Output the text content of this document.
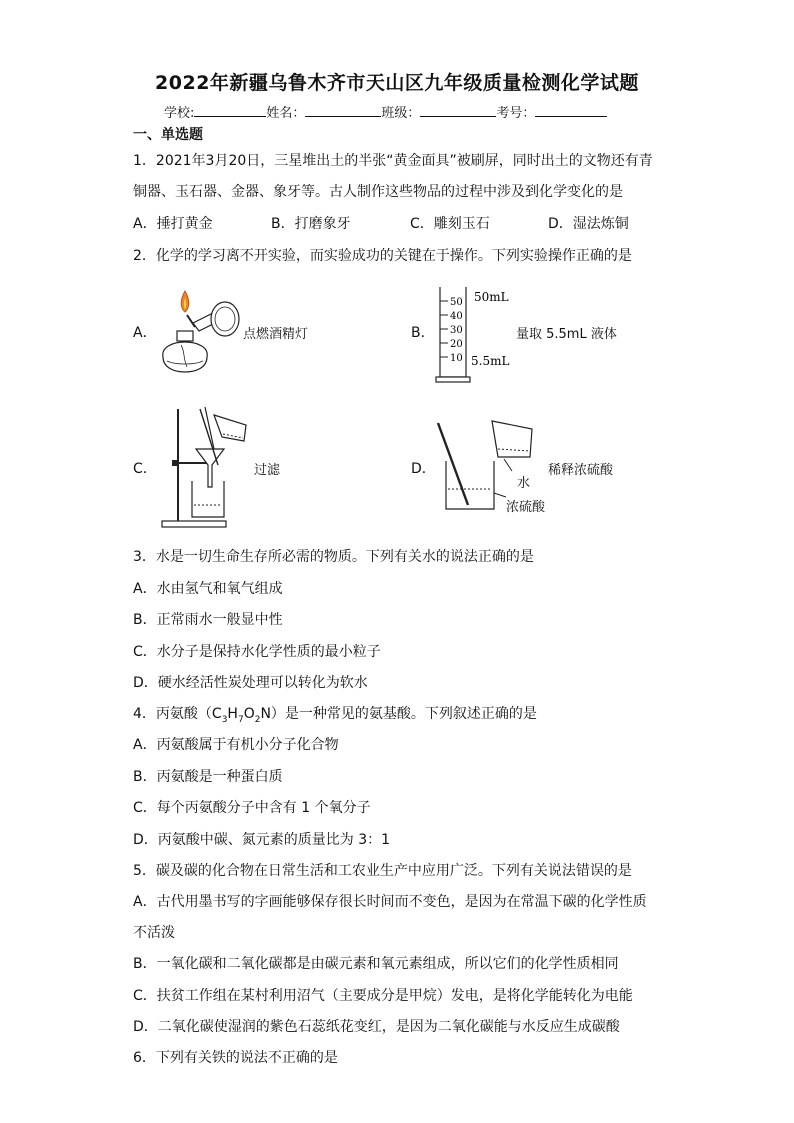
2022年新疆乌鲁木齐市天山区九年级质量检测化学试题
学校:	姓名：	班级：	考号：
一、单选题
1．2021年3月20日，三星堆出土的半张“黄金面具”被刷屏，同时出土的文物还有青
铜器、玉石器、金器、象牙等。古人制作这些物品的过程中涉及到化学变化的是
A．捶打黄金	B．打磨象牙	C．雕刻玉石	D．湿法炼铜
2．化学的学习离不开实验，而实验成功的关键在于操作。下列实验操作正确的是
A．	点燃酒精灯	B．
50
40
30
20
10
50mL
5.5mL
量取 5.5mL 液体
C．	过滤	D．
水
浓硫酸
稀释浓硫酸
3．水是一切生命生存所必需的物质。下列有关水的说法正确的是
A．水由氢气和氧气组成
B．正常雨水一般显中性
C．水分子是保持水化学性质的最小粒子
D．硬水经活性炭处理可以转化为软水
4．丙氨酸$(C_3H_7O_2N)$是一种常见的氨基酸。下列叙述正确的是
A．丙氨酸属于有机小分子化合物
B．丙氨酸是一种蛋白质
C．每个丙氨酸分子中含有 1 个氧分子
D．丙氨酸中碳、氮元素的质量比为 3：1
5．碳及碳的化合物在日常生活和工农业生产中应用广泛。下列有关说法错误的是
A．古代用墨书写的字画能够保存很长时间而不变色，是因为在常温下碳的化学性质
不活泼
B．一氧化碳和二氧化碳都是由碳元素和氧元素组成，所以它们的化学性质相同
C．扶贫工作组在某村利用沼气（主要成分是甲烷）发电，是将化学能转化为电能
D．二氧化碳使湿润的紫色石蕊纸花变红，是因为二氧化碳能与水反应生成碳酸
6．下列有关铁的说法不正确的是
